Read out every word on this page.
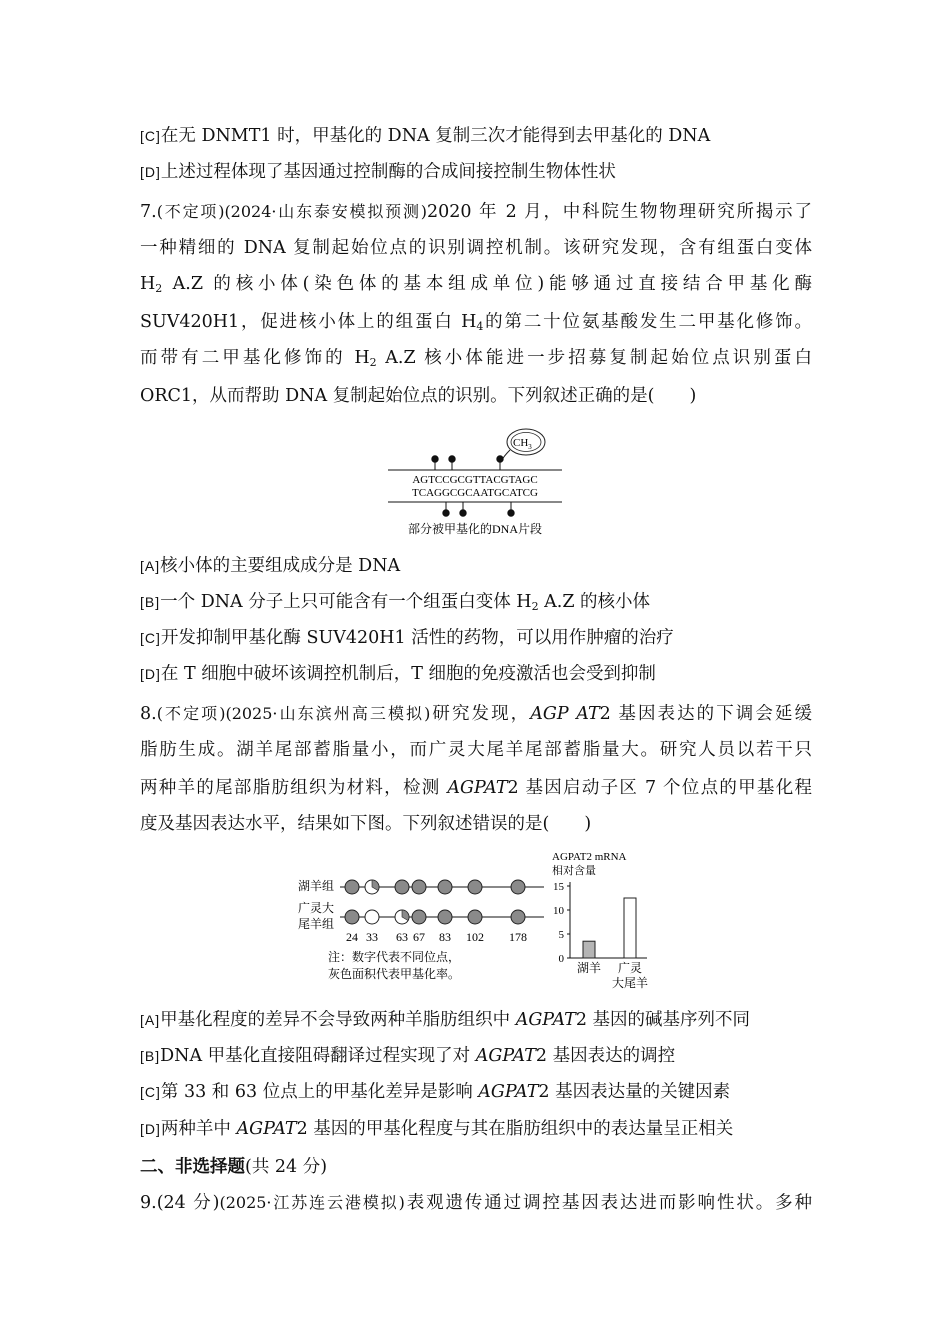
[C]在无 DNMT1 时，甲基化的 DNA 复制三次才能得到去甲基化的 DNA
[D]上述过程体现了基因通过控制酶的合成间接控制生物体性状
7.(不定项)(2024·山东泰安模拟预测)2020 年 2 月，中科院生物物理研究所揭示了
一种精细的 DNA 复制起始位点的识别调控机制。该研究发现，含有组蛋白变体
$H_2$ A.Z 的核小体(染色体的基本组成单位)能够通过直接结合甲基化酶
SUV420H1，促进核小体上的组蛋白 $H_4$的第二十位氨基酸发生二甲基化修饰。
而带有二甲基化修饰的 $H_2$ A.Z 核小体能进一步招募复制起始位点识别蛋白
ORC1，从而帮助 DNA 复制起始位点的识别。下列叙述正确的是(　　)
$CH_3$
AGTCCGCGTTACGTAGC
TCAGGCGCAATGCATCG
部分被甲基化的DNA片段
[A]核小体的主要组成成分是 DNA
[B]一个 DNA 分子上只可能含有一个组蛋白变体 $H_2$ A.Z 的核小体
[C]开发抑制甲基化酶 SUV420H1 活性的药物，可以用作肿瘤的治疗
[D]在 T 细胞中破坏该调控机制后，T 细胞的免疫激活也会受到抑制
8.(不定项)(2025·山东滨州高三模拟)研究发现，AGP AT2 基因表达的下调会延缓
脂肪生成。湖羊尾部蓄脂量小，而广灵大尾羊尾部蓄脂量大。研究人员以若干只
两种羊的尾部脂肪组织为材料，检测 AGPAT2 基因启动子区 7 个位点的甲基化程
度及基因表达水平，结果如下图。下列叙述错误的是(　　)
湖羊组
广灵大
尾羊组
24 33 63 67 83 102 178
注：数字代表不同位点，
灰色面积代表甲基化率。
AGPAT2 mRNA
相对含量
0
5
10
15
湖羊 广灵
大尾羊
[A]甲基化程度的差异不会导致两种羊脂肪组织中 AGPAT2 基因的碱基序列不同
[B]DNA 甲基化直接阻碍翻译过程实现了对 AGPAT2 基因表达的调控
[C]第 33 和 63 位点上的甲基化差异是影响 AGPAT2 基因表达量的关键因素
[D]两种羊中 AGPAT2 基因的甲基化程度与其在脂肪组织中的表达量呈正相关
二、非选择题(共 24 分)
9.(24 分)(2025·江苏连云港模拟)表观遗传通过调控基因表达进而影响性状。多种
